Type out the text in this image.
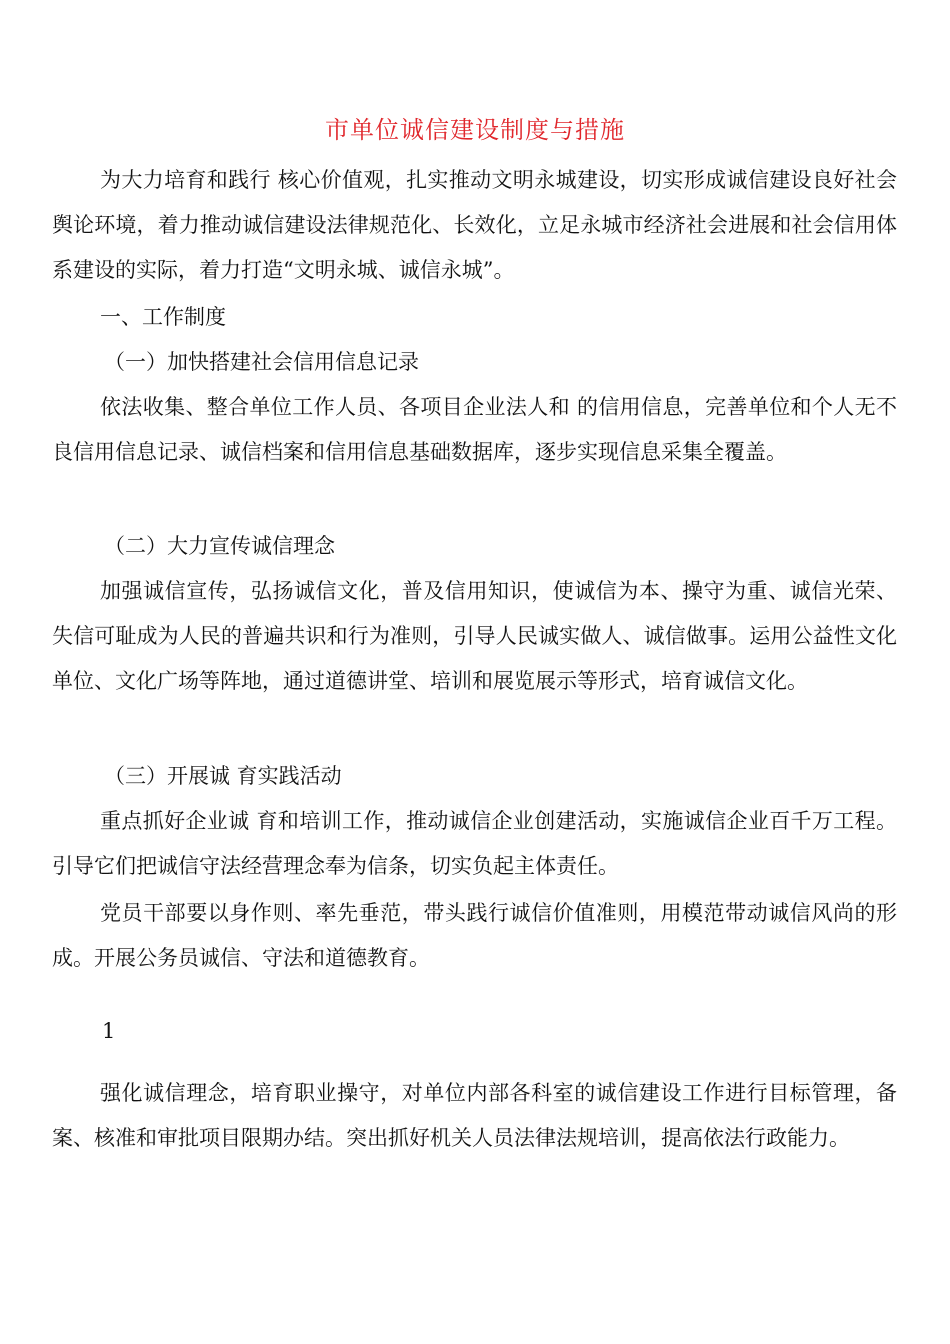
市单位诚信建设制度与措施

为大力培育和践行 核心价值观，扎实推动文明永城建设，切实形成诚信建设良好社会舆论环境，着力推动诚信建设法律规范化、长效化，立足永城市经济社会进展和社会信用体系建设的实际，着力打造“文明永城、诚信永城”。

一、工作制度

（一）加快搭建社会信用信息记录

依法收集、整合单位工作人员、各项目企业法人和 的信用信息，完善单位和个人无不良信用信息记录、诚信档案和信用信息基础数据库，逐步实现信息采集全覆盖。

（二）大力宣传诚信理念

加强诚信宣传，弘扬诚信文化，普及信用知识，使诚信为本、操守为重、诚信光荣、失信可耻成为人民的普遍共识和行为准则，引导人民诚实做人、诚信做事。运用公益性文化单位、文化广场等阵地，通过道德讲堂、培训和展览展示等形式，培育诚信文化。

（三）开展诚 育实践活动

重点抓好企业诚 育和培训工作，推动诚信企业创建活动，实施诚信企业百千万工程。引导它们把诚信守法经营理念奉为信条，切实负起主体责任。

党员干部要以身作则、率先垂范，带头践行诚信价值准则，用模范带动诚信风尚的形成。开展公务员诚信、守法和道德教育。

1

强化诚信理念，培育职业操守，对单位内部各科室的诚信建设工作进行目标管理，备案、核准和审批项目限期办结。突出抓好机关人员法律法规培训，提高依法行政能力。
